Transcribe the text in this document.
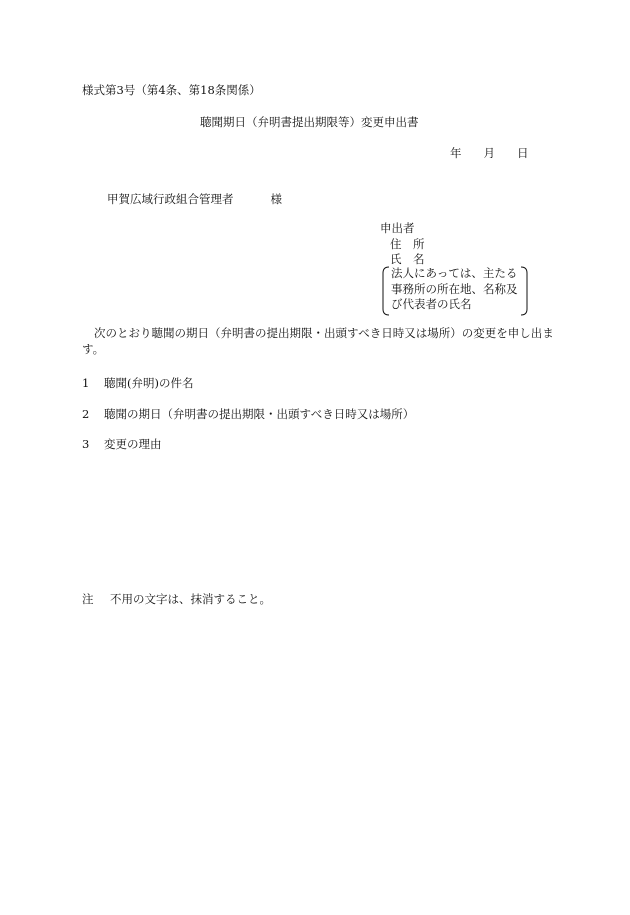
様式第3号（第4条、第18条関係）
聴聞期日（弁明書提出期限等）変更申出書
年 月 日
甲賀広域行政組合管理者	様
申出者
住　所
氏　名
法人にあっては、主たる
事務所の所在地、名称及
び代表者の氏名
次のとおり聴聞の期日（弁明書の提出期限・出頭すべき日時又は場所）の変更を申し出ます。
1 聴聞(弁明)の件名
2 聴聞の期日（弁明書の提出期限・出頭すべき日時又は場所）
3 変更の理由
注 不用の文字は、抹消すること。
